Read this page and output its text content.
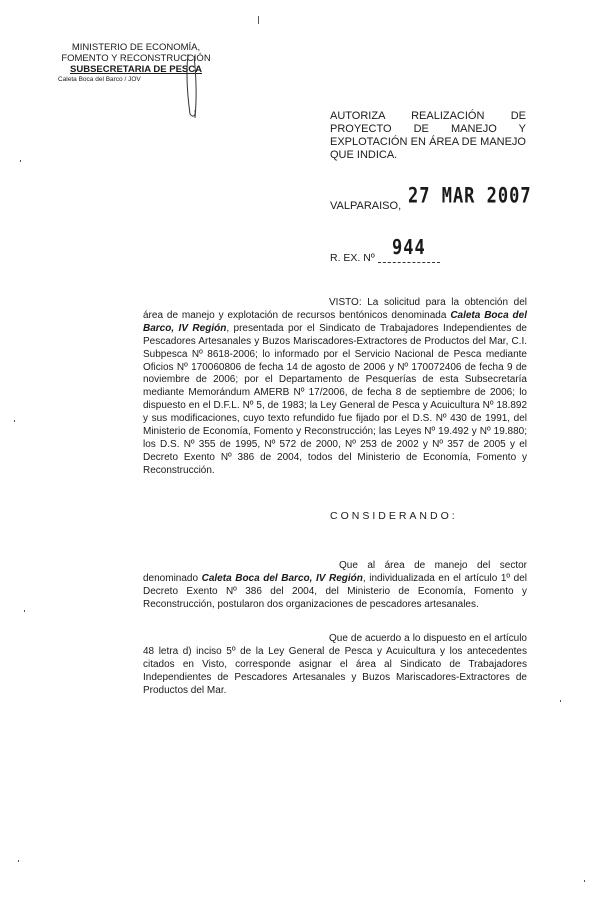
MINISTERIO DE ECONOMÍA,
FOMENTO Y RECONSTRUCCIÓN
SUBSECRETARIA DE PESCA
Caleta Boca del Barco / JOV
AUTORIZA REALIZACIÓN DE
PROYECTO DE MANEJO Y
EXPLOTACIÓN EN ÁREA DE MANEJO
QUE INDICA.
VALPARAISO, 27 MAR 2007
R. EX. Nº 944
VISTO: La solicitud para la obtención del área de manejo y explotación de recursos bentónicos denominada Caleta Boca del Barco, IV Región, presentada por el Sindicato de Trabajadores Independientes de Pescadores Artesanales y Buzos Mariscadores-Extractores de Productos del Mar, C.I. Subpesca Nº 8618-2006; lo informado por el Servicio Nacional de Pesca mediante Oficios Nº 170060806 de fecha 14 de agosto de 2006 y Nº 170072406 de fecha 9 de noviembre de 2006; por el Departamento de Pesquerías de esta Subsecretaría mediante Memorándum AMERB Nº 17/2006, de fecha 8 de septiembre de 2006; lo dispuesto en el D.F.L. Nº 5, de 1983; la Ley General de Pesca y Acuicultura Nº 18.892 y sus modificaciones, cuyo texto refundido fue fijado por el D.S. Nº 430 de 1991, del Ministerio de Economía, Fomento y Reconstrucción; las Leyes Nº 19.492 y Nº 19.880; los D.S. Nº 355 de 1995, Nº 572 de 2000, Nº 253 de 2002 y Nº 357 de 2005 y el Decreto Exento Nº 386 de 2004, todos del Ministerio de Economía, Fomento y Reconstrucción.
CONSIDERANDO:
Que al área de manejo del sector denominado Caleta Boca del Barco, IV Región, individualizada en el artículo 1º del Decreto Exento Nº 386 del 2004, del Ministerio de Economía, Fomento y Reconstrucción, postularon dos organizaciones de pescadores artesanales.
Que de acuerdo a lo dispuesto en el artículo 48 letra d) inciso 5º de la Ley General de Pesca y Acuicultura y los antecedentes citados en Visto, corresponde asignar el área al Sindicato de Trabajadores Independientes de Pescadores Artesanales y Buzos Mariscadores-Extractores de Productos del Mar.
